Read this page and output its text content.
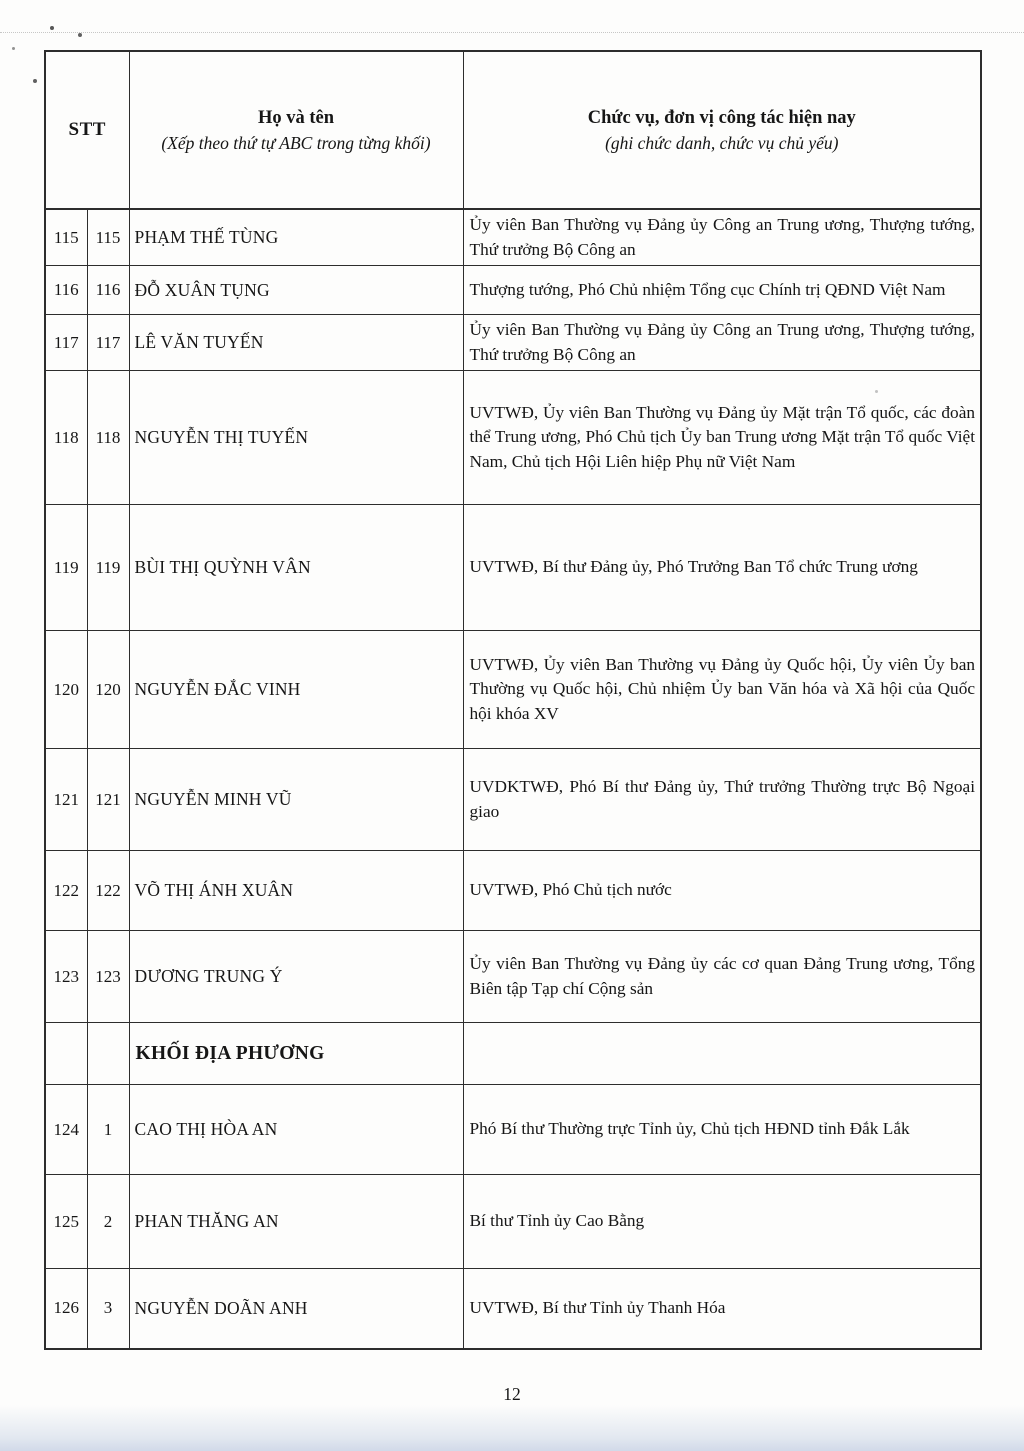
STT	
Họ và tên
(Xếp theo thứ tự ABC trong từng khối)

Chức vụ, đơn vị công tác hiện nay
(ghi chức danh, chức vụ chủ yếu)

115	115	PHẠM THẾ TÙNG	Ủy viên Ban Thường vụ Đảng ủy Công an Trung ương, Thượng tướng, Thứ trưởng Bộ Công an
116	116	ĐỖ XUÂN TỤNG	Thượng tướng, Phó Chủ nhiệm Tổng cục Chính trị QĐND Việt Nam
117	117	LÊ VĂN TUYẾN	Ủy viên Ban Thường vụ Đảng ủy Công an Trung ương, Thượng tướng, Thứ trưởng Bộ Công an
118	118	NGUYỄN THỊ TUYẾN	UVTWĐ, Ủy viên Ban Thường vụ Đảng ủy Mặt trận Tổ quốc, các đoàn thể Trung ương, Phó Chủ tịch Ủy ban Trung ương Mặt trận Tổ quốc Việt Nam, Chủ tịch Hội Liên hiệp Phụ nữ Việt Nam
119	119	BÙI THỊ QUỲNH VÂN	UVTWĐ, Bí thư Đảng ủy, Phó Trưởng Ban Tổ chức Trung ương
120	120	NGUYỄN ĐẮC VINH	UVTWĐ, Ủy viên Ban Thường vụ Đảng ủy Quốc hội, Ủy viên Ủy ban Thường vụ Quốc hội, Chủ nhiệm Ủy ban Văn hóa và Xã hội của Quốc hội khóa XV
121	121	NGUYỄN MINH VŨ	UVDKTWĐ, Phó Bí thư Đảng ủy, Thứ trưởng Thường trực Bộ Ngoại giao
122	122	VÕ THỊ ÁNH XUÂN	UVTWĐ, Phó Chủ tịch nước
123	123	DƯƠNG TRUNG Ý	Ủy viên Ban Thường vụ Đảng ủy các cơ quan Đảng Trung ương, Tổng Biên tập Tạp chí Cộng sản
		KHỐI ĐỊA PHƯƠNG	
124	1	CAO THỊ HÒA AN	Phó Bí thư Thường trực Tỉnh ủy, Chủ tịch HĐND tỉnh Đắk Lắk
125	2	PHAN THĂNG AN	Bí thư Tỉnh ủy Cao Bằng
126	3	NGUYỄN DOÃN ANH	UVTWĐ, Bí thư Tỉnh ủy Thanh Hóa
12
